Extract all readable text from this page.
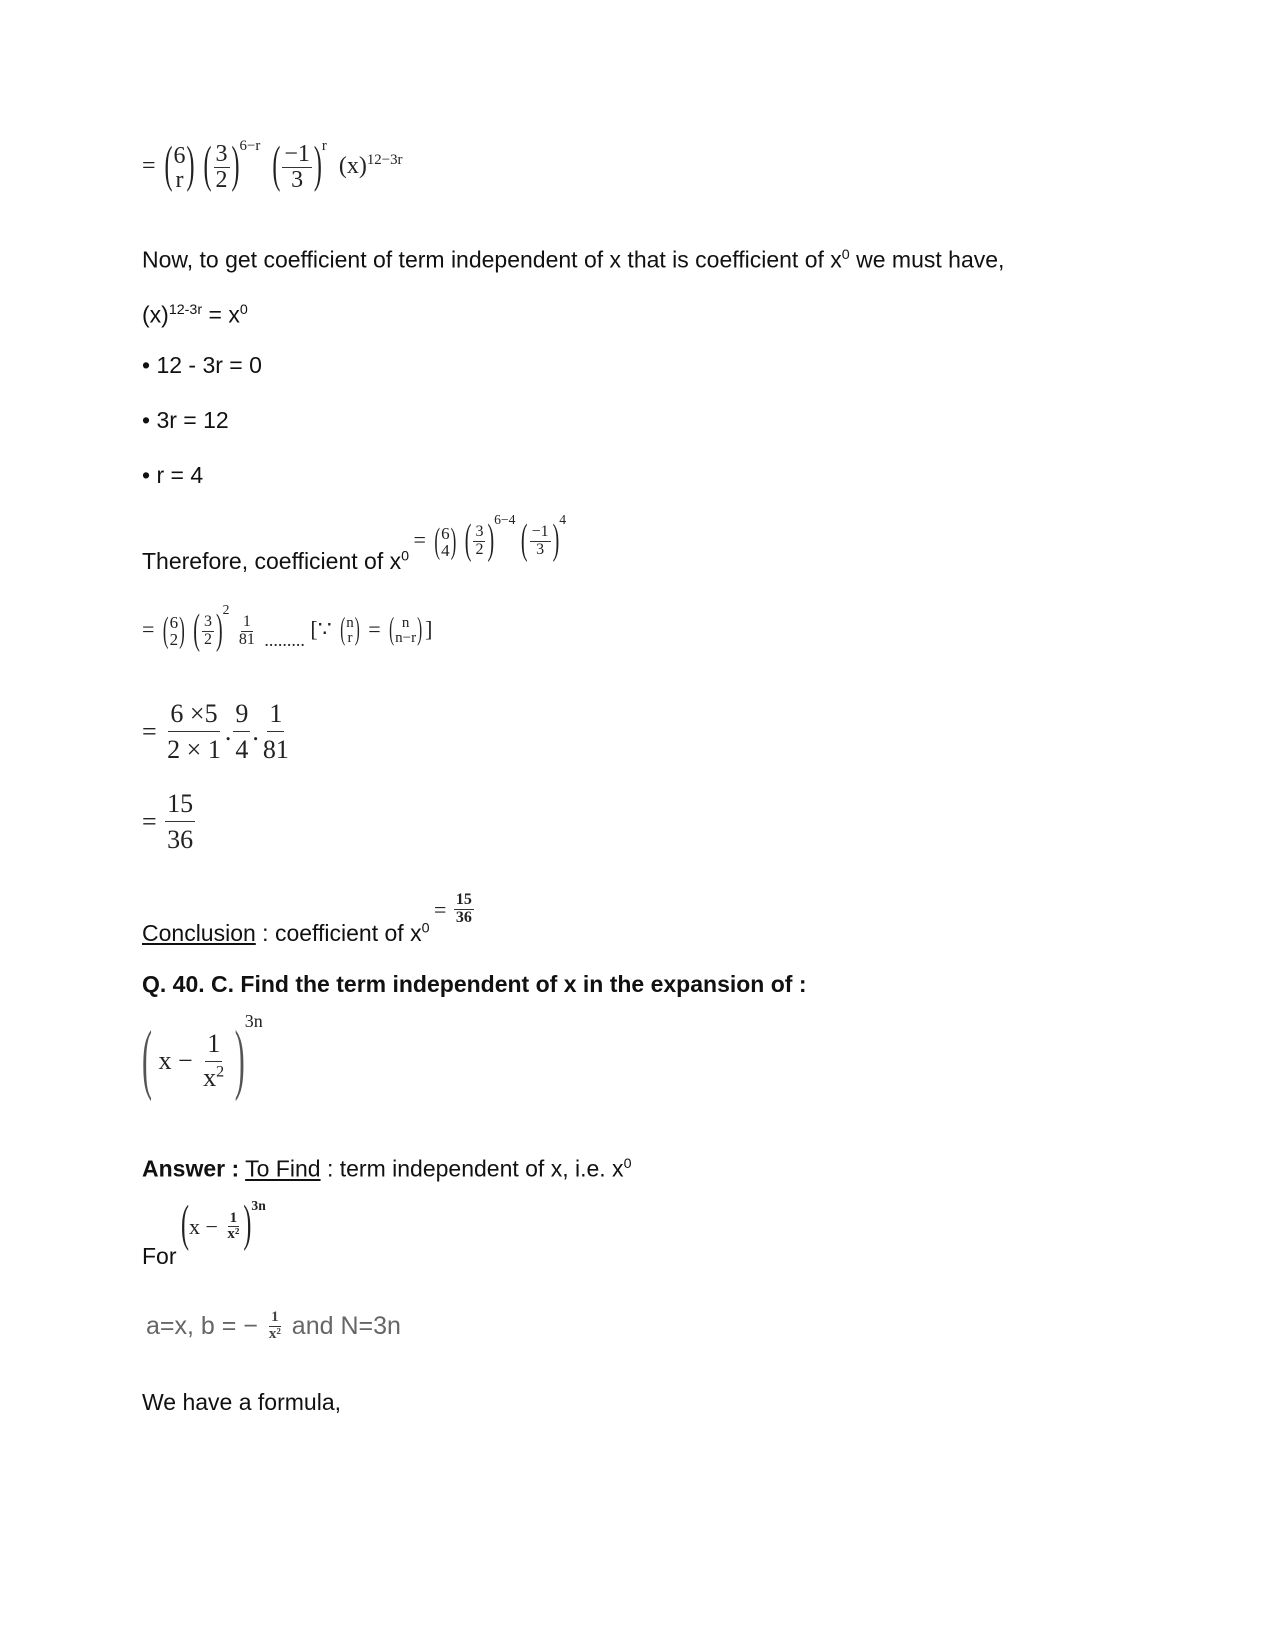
= ( 6
r ) ( $\frac{3}{2} )^{6-r}$ ( $\frac{-1}{3} )^r$ $(x)^{12-3r}$
Now, to get coefficient of term independent of x that is coefficient of $x^0$ we must have,
$(x)^{12-3r} = x^0$
• 12 - 3r = 0
• 3r = 12
• r = 4
Therefore, coefficient of $x^0$ = ( 6
4 ) ( $\frac{3}{2} )^{6-4}$ ( $\frac{-1}{3} )^4$
= ( 6
2 ) ( $\frac{3}{2} )^2$
$\frac{1}{81} _{.........}$ [∵ ( n
r ) = ( n
n−r ) ]
= $\frac{6 \times 5}{2 \times 1}$ . $\frac{9}{4}$ . $\frac{1}{81}$
= $\frac{15}{36}$
Conclusion : coefficient of $x^0 = \frac{15}{36}$
Q. 40. C. Find the term independent of x in the expansion of :
( $x - \frac{1}{x^2} )^{3n}$
Answer : To Find : term independent of x, i.e. $x^0$
For $(x - \frac{1}{\text{x²}} )^{3n}$
a=x, b = − $\frac{1}{\text{x²}}$ and N=3n
We have a formula,
